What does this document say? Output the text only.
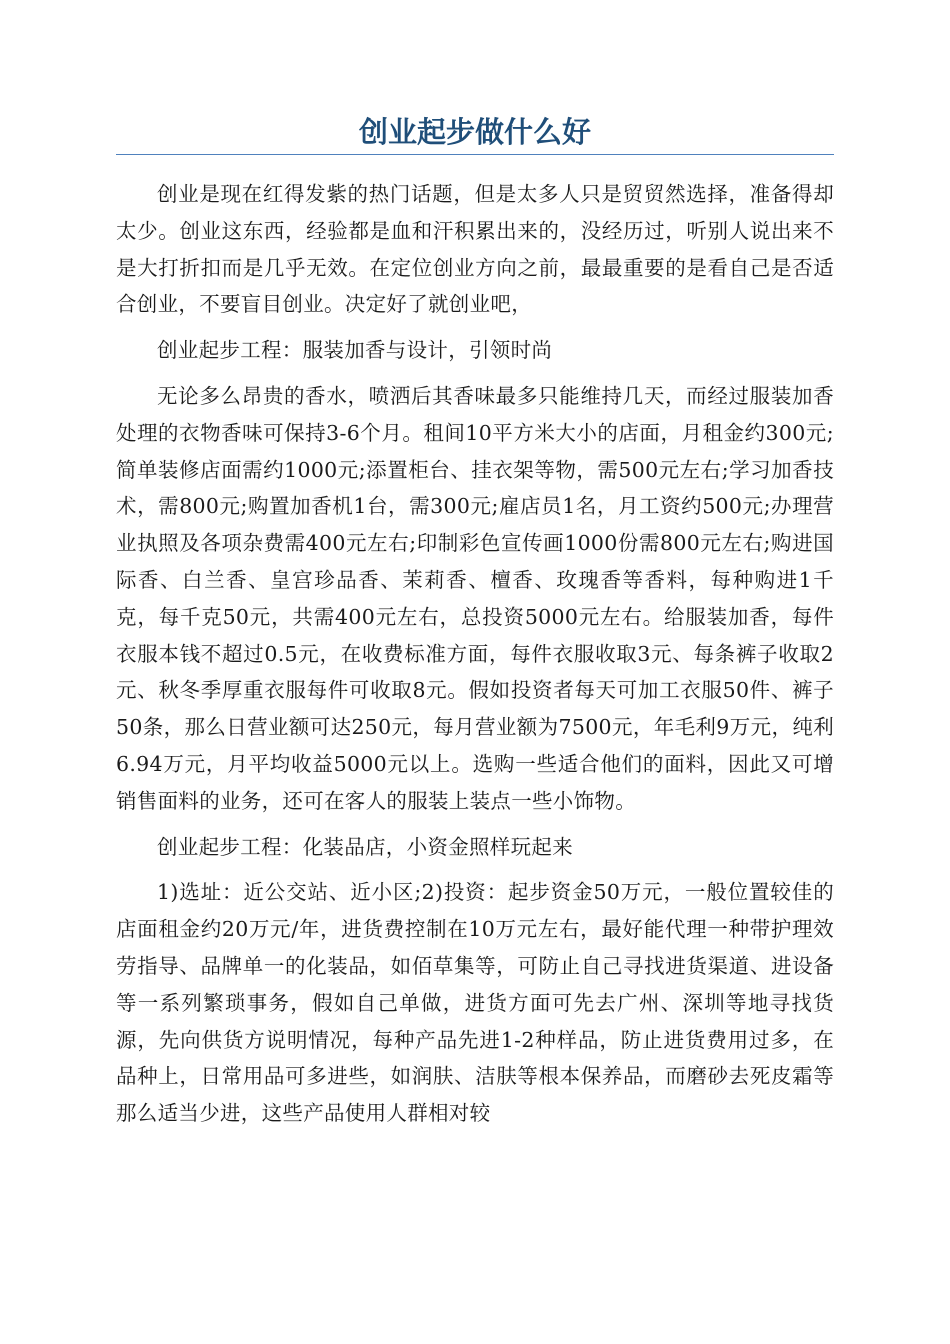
创业起步做什么好

创业是现在红得发紫的热门话题，但是太多人只是贸贸然选择，准备得却太少。创业这东西，经验都是血和汗积累出来的，没经历过，听别人说出来不是大打折扣而是几乎无效。在定位创业方向之前，最最重要的是看自己是否适合创业，不要盲目创业。决定好了就创业吧，

创业起步工程：服装加香与设计，引领时尚

无论多么昂贵的香水，喷洒后其香味最多只能维持几天，而经过服装加香处理的衣物香味可保持3-6个月。租间10平方米大小的店面，月租金约300元;简单装修店面需约1000元;添置柜台、挂衣架等物，需500元左右;学习加香技术，需800元;购置加香机1台，需300元;雇店员1名，月工资约500元;办理营业执照及各项杂费需400元左右;印制彩色宣传画1000份需800元左右;购进国际香、白兰香、皇宫珍品香、茉莉香、檀香、玫瑰香等香料，每种购进1千克，每千克50元，共需400元左右，总投资5000元左右。给服装加香，每件衣服本钱不超过0.5元，在收费标准方面，每件衣服收取3元、每条裤子收取2元、秋冬季厚重衣服每件可收取8元。假如投资者每天可加工衣服50件、裤子50条，那么日营业额可达250元，每月营业额为7500元，年毛利9万元，纯利6.94万元，月平均收益5000元以上。选购一些适合他们的面料，因此又可增销售面料的业务，还可在客人的服装上装点一些小饰物。

创业起步工程：化装品店，小资金照样玩起来

1)选址：近公交站、近小区;2)投资：起步资金50万元，一般位置较佳的店面租金约20万元/年，进货费控制在10万元左右，最好能代理一种带护理效劳指导、品牌单一的化装品，如佰草集等，可防止自己寻找进货渠道、进设备等一系列繁琐事务，假如自己单做，进货方面可先去广州、深圳等地寻找货源，先向供货方说明情况，每种产品先进1-2种样品，防止进货费用过多，在品种上，日常用品可多进些，如润肤、洁肤等根本保养品，而磨砂去死皮霜等那么适当少进，这些产品使用人群相对较
